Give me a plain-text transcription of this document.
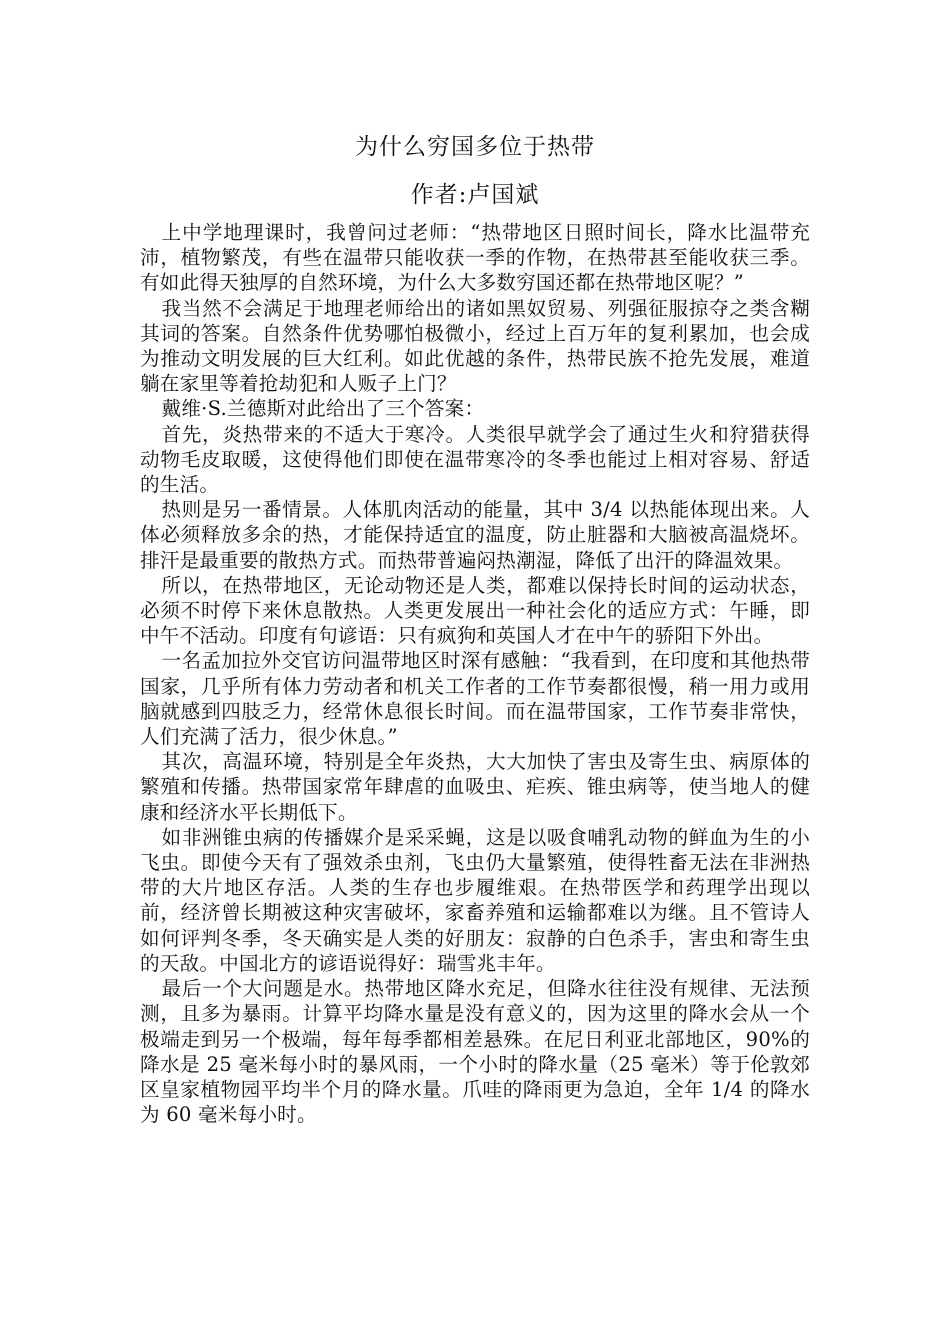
为什么穷国多位于热带
作者:卢国斌

上中学地理课时，我曾问过老师：“热带地区日照时间长，降水比温带充沛，植物繁茂，有些在温带只能收获一季的作物，在热带甚至能收获三季。有如此得天独厚的自然环境，为什么大多数穷国还都在热带地区呢？”

我当然不会满足于地理老师给出的诸如黑奴贸易、列强征服掠夺之类含糊其词的答案。自然条件优势哪怕极微小，经过上百万年的复利累加，也会成为推动文明发展的巨大红利。如此优越的条件，热带民族不抢先发展，难道躺在家里等着抢劫犯和人贩子上门？

戴维·S.兰德斯对此给出了三个答案：

首先，炎热带来的不适大于寒冷。人类很早就学会了通过生火和狩猎获得动物毛皮取暖，这使得他们即使在温带寒冷的冬季也能过上相对容易、舒适的生活。

热则是另一番情景。人体肌肉活动的能量，其中 3/4 以热能体现出来。人体必须释放多余的热，才能保持适宜的温度，防止脏器和大脑被高温烧坏。排汗是最重要的散热方式。而热带普遍闷热潮湿，降低了出汗的降温效果。

所以，在热带地区，无论动物还是人类，都难以保持长时间的运动状态，必须不时停下来休息散热。人类更发展出一种社会化的适应方式：午睡，即中午不活动。印度有句谚语：只有疯狗和英国人才在中午的骄阳下外出。

一名孟加拉外交官访问温带地区时深有感触：“我看到，在印度和其他热带国家，几乎所有体力劳动者和机关工作者的工作节奏都很慢，稍一用力或用脑就感到四肢乏力，经常休息很长时间。而在温带国家，工作节奏非常快，人们充满了活力，很少休息。”

其次，高温环境，特别是全年炎热，大大加快了害虫及寄生虫、病原体的繁殖和传播。热带国家常年肆虐的血吸虫、疟疾、锥虫病等，使当地人的健康和经济水平长期低下。

如非洲锥虫病的传播媒介是采采蝇，这是以吸食哺乳动物的鲜血为生的小飞虫。即使今天有了强效杀虫剂，飞虫仍大量繁殖，使得牲畜无法在非洲热带的大片地区存活。人类的生存也步履维艰。在热带医学和药理学出现以前，经济曾长期被这种灾害破坏，家畜养殖和运输都难以为继。且不管诗人如何评判冬季，冬天确实是人类的好朋友：寂静的白色杀手，害虫和寄生虫的天敌。中国北方的谚语说得好：瑞雪兆丰年。

最后一个大问题是水。热带地区降水充足，但降水往往没有规律、无法预测，且多为暴雨。计算平均降水量是没有意义的，因为这里的降水会从一个极端走到另一个极端，每年每季都相差悬殊。在尼日利亚北部地区，90%的降水是 25 毫米每小时的暴风雨，一个小时的降水量（25 毫米）等于伦敦郊区皇家植物园平均半个月的降水量。爪哇的降雨更为急迫，全年 1/4 的降水为 60 毫米每小时。
